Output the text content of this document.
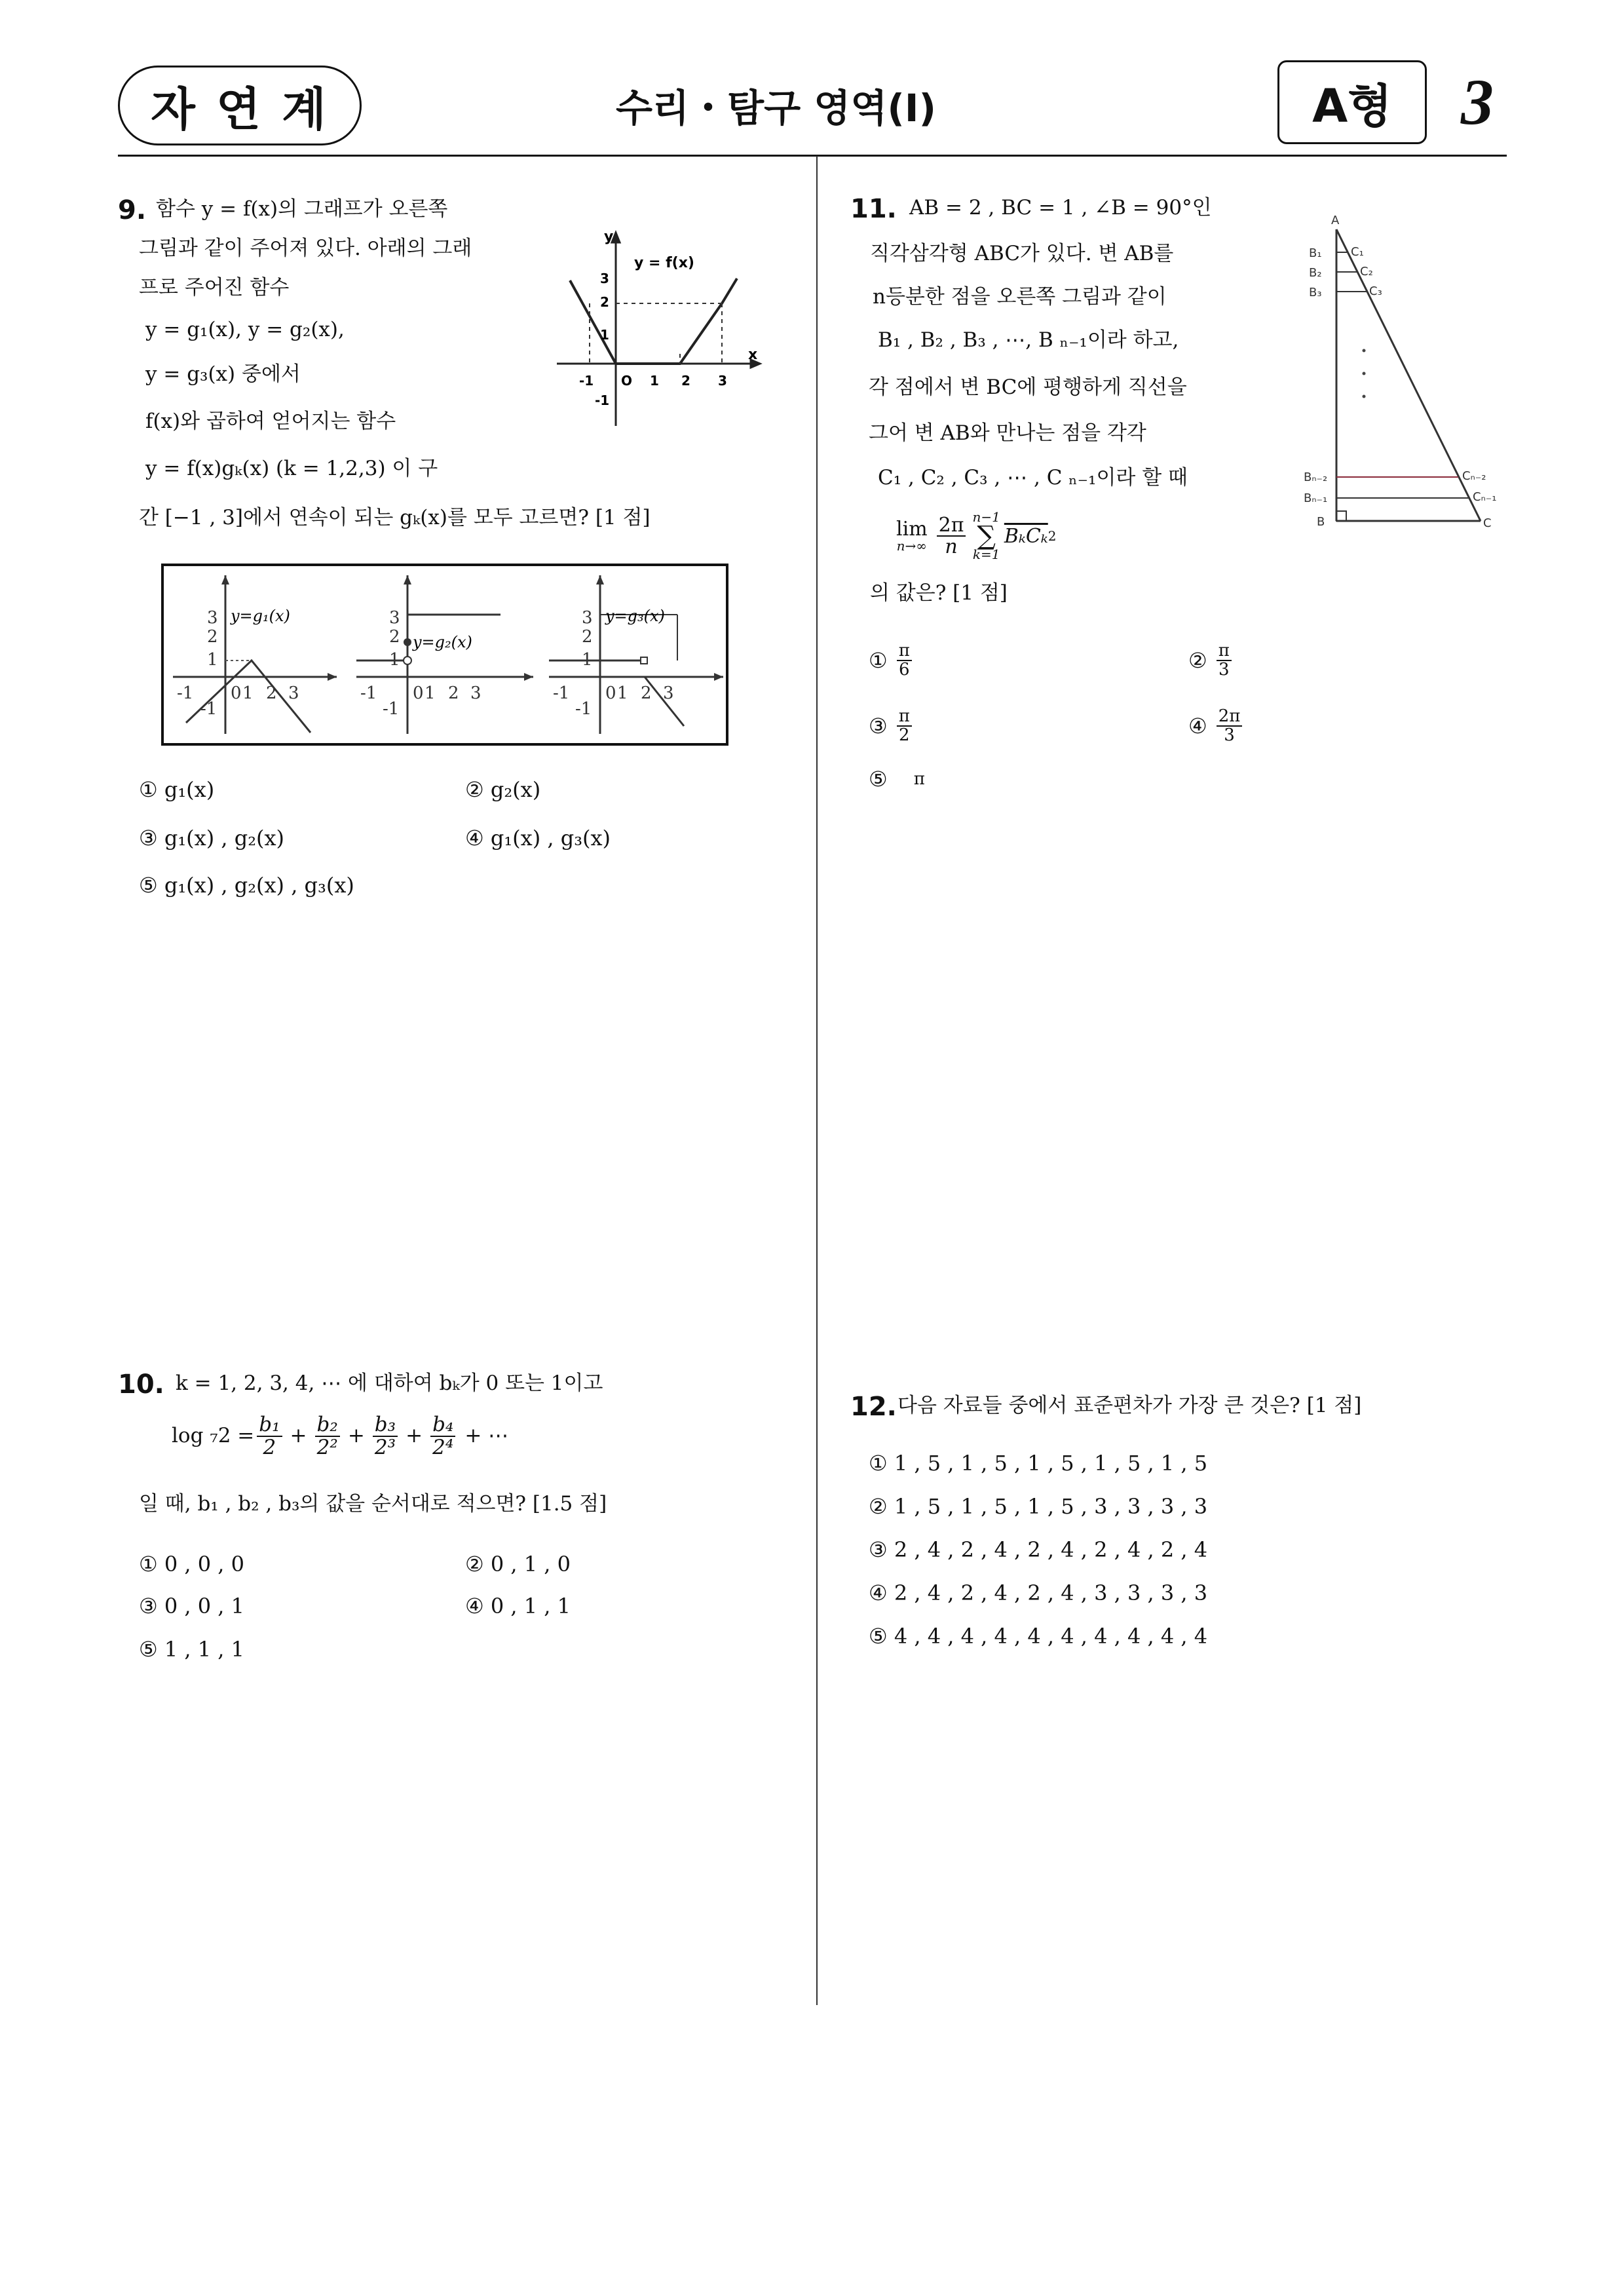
자 연 계	수리・탐구 영역(Ⅰ)	A형 3
9. 함수 y = f(x)의 그래프가 오른쪽
그림과 같이 주어져 있다. 아래의 그래
프로 주어진 함수
y = g₁(x), y = g₂(x),
y = g₃(x) 중에서
f(x)와 곱하여 얻어지는 함수
y = f(x)gₖ(x) (k = 1,2,3) 이 구
간 [−1 , 3]에서 연속이 되는 gₖ(x)를 모두 고르면? [1 점]
y = f(x)
y
x
-1 O 1 2 3
3
2
1
-1
y=g₁(x)
3
2
1
-1
-1 0 1 2 3
y=g₂(x)
3
2
1
-1
-1 0 1 2 3
y=g₃(x)
3
2
1
-1
-1 0 1 2 3
① g₁(x)	② g₂(x)
③ g₁(x) , g₂(x)	④ g₁(x) , g₃(x)
⑤ g₁(x) , g₂(x) , g₃(x)
10. k = 1, 2, 3, 4, ⋯ 에 대하여 bₖ가 0 또는 1이고
$\log _72 = \frac{\text{b₁}}{2} + \frac{\text{b₂}}{\text{2²}} + \frac{\text{b₃}}{\text{2³}} + \frac{\text{b₄}}{\text{2⁴}}$ + ⋯
일 때, b₁ , b₂ , b₃의 값을 순서대로 적으면? [1.5 점]
① 0 , 0 , 0	② 0 , 1 , 0
③ 0 , 0 , 1	④ 0 , 1 , 1
⑤ 1 , 1 , 1
11. AB = 2 , BC = 1 , ∠B = 90°인
직각삼각형 ABC가 있다. 변 AB를
n등분한 점을 오른쪽 그림과 같이
B₁ , B₂ , B₃ , ⋯, B ₙ₋₁이라 하고,
각 점에서 변 BC에 평행하게 직선을
그어 변 AB와 만나는 점을 각각
C₁ , C₂ , C₃ , ⋯ , C ₙ₋₁이라 할 때
lim
$n\to\infty \frac{2\pi}{n} n-1$
∑
k=1
BₖCₖ 2
의 값은? [1 점]
A
B₁
B₂
B₃
C₁
C₂
C₃
Bₙ₋₂
Bₙ₋₁
B
Cₙ₋₂
Cₙ₋₁
C
① $\frac{\pi}{6}$	② $\frac{\pi}{3}$
③ $\frac{\pi}{2}$	④ $\frac{2\pi}{3}$
⑤ π
12. 다음 자료들 중에서 표준편차가 가장 큰 것은? [1 점]
① 1 , 5 , 1 , 5 , 1 , 5 , 1 , 5 , 1 , 5
② 1 , 5 , 1 , 5 , 1 , 5 , 3 , 3 , 3 , 3
③ 2 , 4 , 2 , 4 , 2 , 4 , 2 , 4 , 2 , 4
④ 2 , 4 , 2 , 4 , 2 , 4 , 3 , 3 , 3 , 3
⑤ 4 , 4 , 4 , 4 , 4 , 4 , 4 , 4 , 4 , 4
